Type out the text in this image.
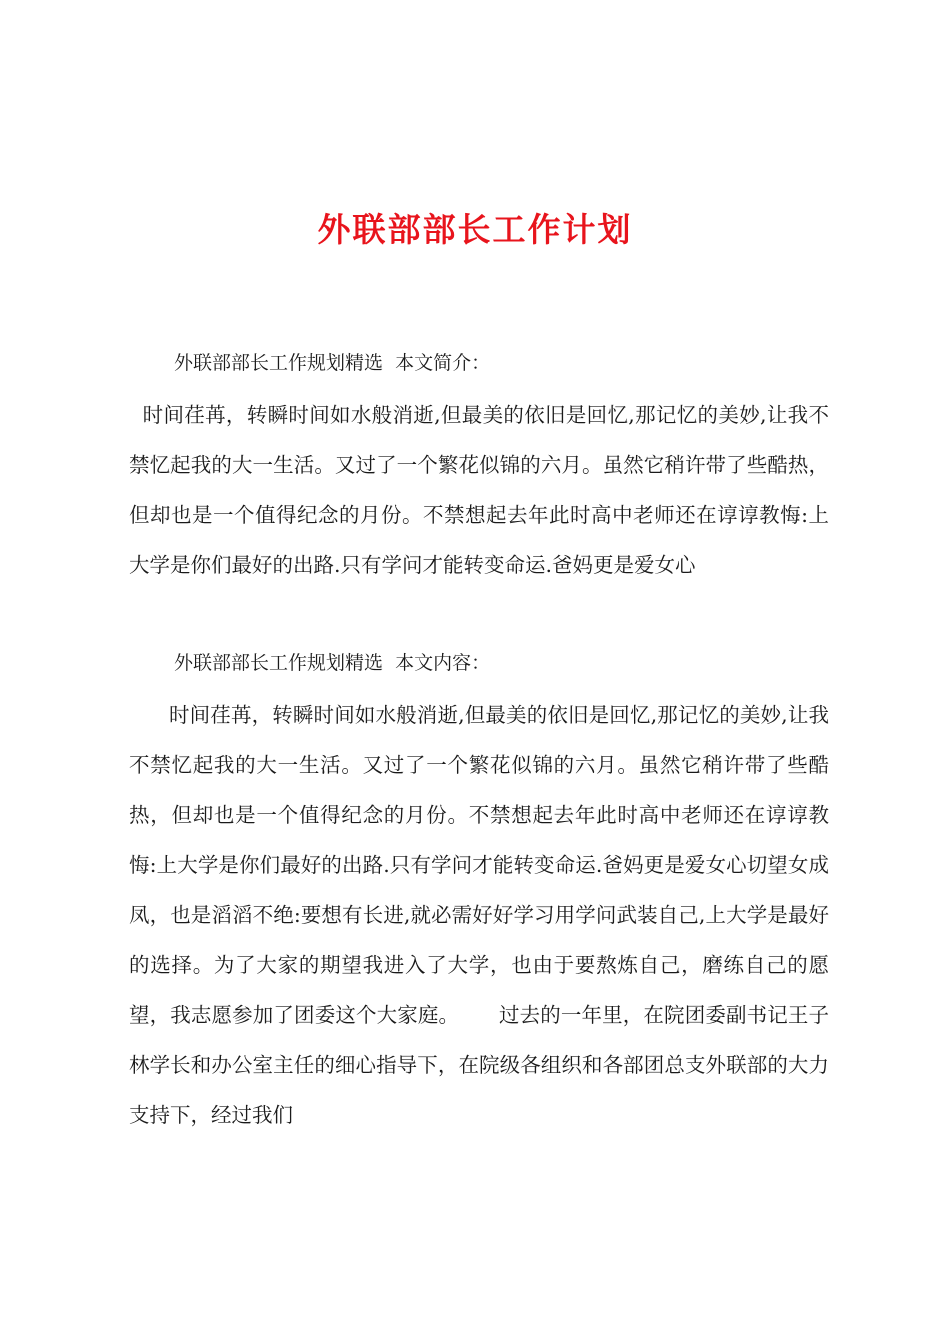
外联部部长工作计划

外联部部长工作规划精选  本文简介：

时间荏苒，转瞬时间如水般消逝,但最美的依旧是回忆,那记忆的美妙,让我不禁忆起我的大一生活。又过了一个繁花似锦的六月。虽然它稍许带了些酷热，但却也是一个值得纪念的月份。不禁想起去年此时高中老师还在谆谆教悔:上大学是你们最好的出路.只有学问才能转变命运.爸妈更是爱女心

外联部部长工作规划精选  本文内容：

时间荏苒，转瞬时间如水般消逝,但最美的依旧是回忆,那记忆的美妙,让我不禁忆起我的大一生活。又过了一个繁花似锦的六月。虽然它稍许带了些酷热，但却也是一个值得纪念的月份。不禁想起去年此时高中老师还在谆谆教悔:上大学是你们最好的出路.只有学问才能转变命运.爸妈更是爱女心切望女成凤，也是滔滔不绝:要想有长进,就必需好好学习用学问武装自己,上大学是最好的选择。为了大家的期望我进入了大学，也由于要熬炼自己，磨练自己的愿望，我志愿参加了团委这个大家庭。      过去的一年里，在院团委副书记王子林学长和办公室主任的细心指导下，在院级各组织和各部团总支外联部的大力支持下，经过我们
